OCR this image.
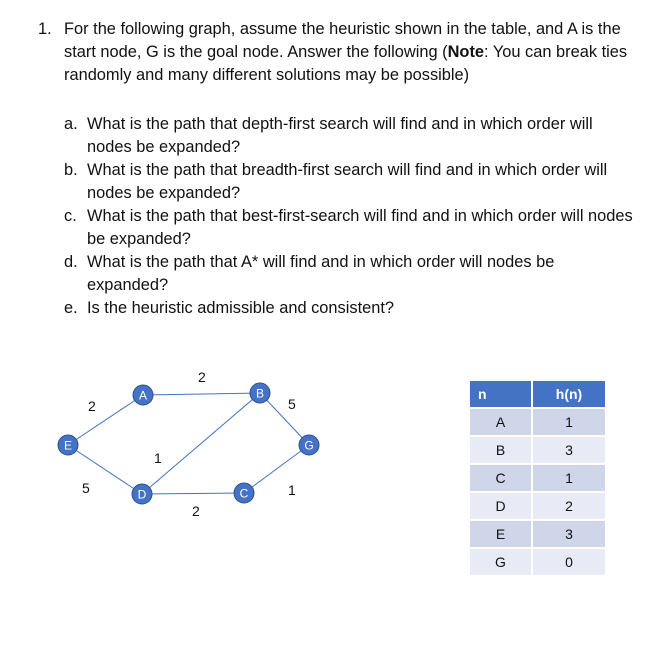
1. For the following graph, assume the heuristic shown in the table, and A is the start node, G is the goal node. Answer the following (Note: You can break ties randomly and many different solutions may be possible)
a. What is the path that depth-first search will find and in which order will nodes be expanded?
b. What is the path that breadth-first search will find and in which order will nodes be expanded?
c. What is the path that best-first-search will find and in which order will nodes be expanded?
d. What is the path that A* will find and in which order will nodes be expanded?
e. Is the heuristic admissible and consistent?
2
2
5
5
1
2
1
A	B
C
D
E	G
n	h(n)
A	1
B	3
C	1
D	2
E	3
G	0
